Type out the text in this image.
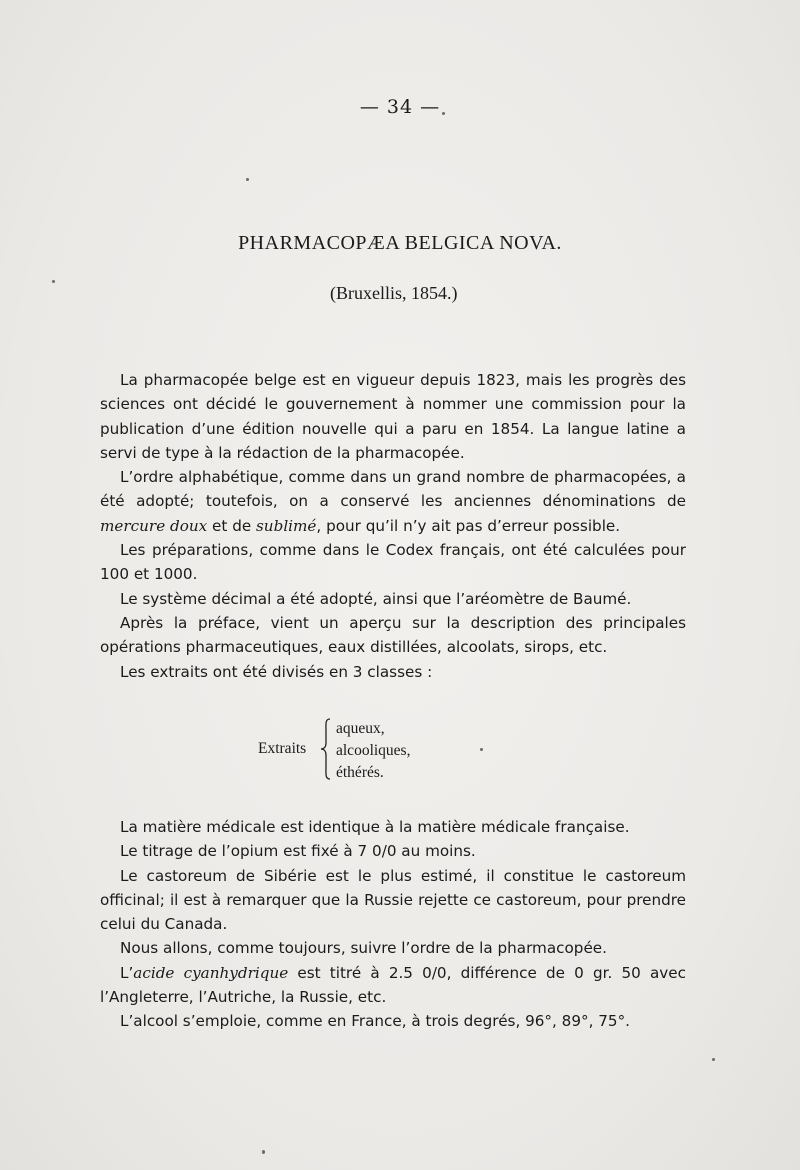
— 34 —
PHARMACOPÆA BELGICA NOVA.
(Bruxellis, 1854.)

La pharmacopée belge est en vigueur depuis 1823, mais les progrès des sciences ont décidé le gouvernement à nommer une commission pour la publication d’une édition nouvelle qui a paru en 1854. La langue latine a servi de type à la rédaction de la pharmacopée.

L’ordre alphabétique, comme dans un grand nombre de pharmacopées, a été adopté; toutefois, on a conservé les anciennes dénominations de mercure doux et de sublimé, pour qu’il n’y ait pas d’erreur possible.

Les préparations, comme dans le Codex français, ont été calculées pour 100 et 1000.

Le système décimal a été adopté, ainsi que l’aréomètre de Baumé.

Après la préface, vient un aperçu sur la description des principales opérations pharmaceutiques, eaux distillées, alcoolats, sirops, etc.

Les extraits ont été divisés en 3 classes :

Extraits
aqueux,
alcooliques,
éthérés.

La matière médicale est identique à la matière médicale française.

Le titrage de l’opium est fixé à 7 0/0 au moins.

Le castoreum de Sibérie est le plus estimé, il constitue le castoreum officinal; il est à remarquer que la Russie rejette ce castoreum, pour prendre celui du Canada.

Nous allons, comme toujours, suivre l’ordre de la pharmacopée.

L’acide cyanhydrique est titré à 2.5 0/0, différence de 0 gr. 50 avec l’Angleterre, l’Autriche, la Russie, etc.

L’alcool s’emploie, comme en France, à trois degrés, 96°, 89°, 75°.
